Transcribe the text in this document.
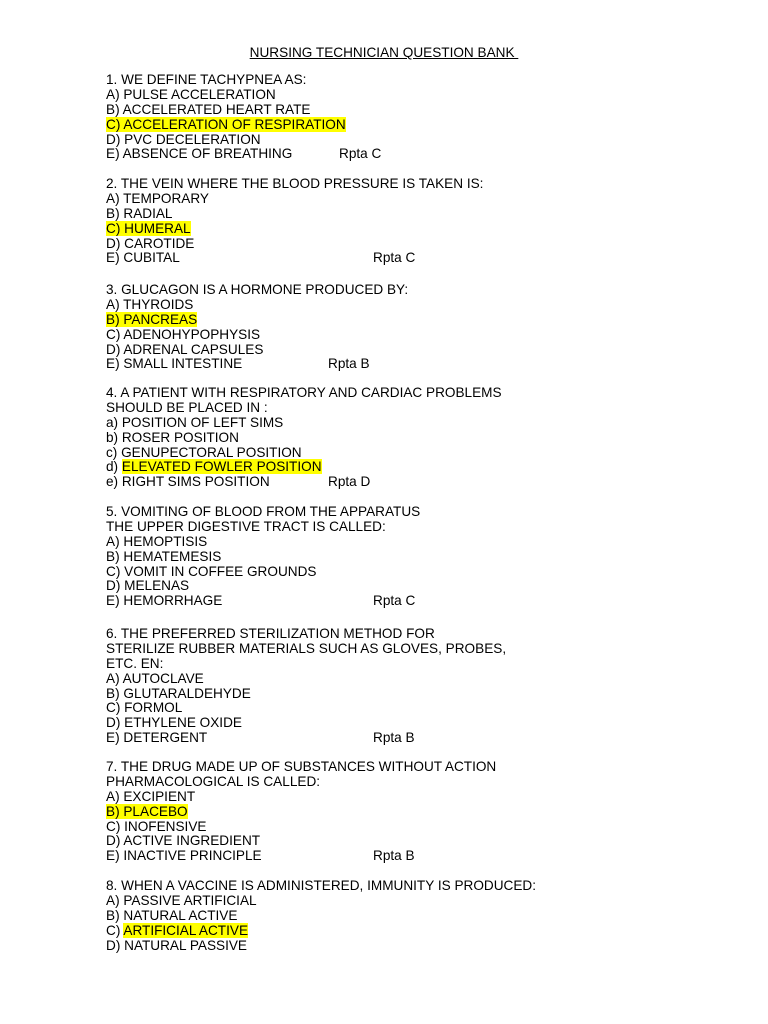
NURSING TECHNICIAN QUESTION BANK
1. WE DEFINE TACHYPNEA AS:
A) PULSE ACCELERATION
B) ACCELERATED HEART RATE
C) ACCELERATION OF RESPIRATION
D) PVC DECELERATION
E) ABSENCE OF BREATHING	Rpta C
2. THE VEIN WHERE THE BLOOD PRESSURE IS TAKEN IS:
A) TEMPORARY
B) RADIAL
C) HUMERAL
D) CAROTIDE
E) CUBITAL	Rpta C
3. GLUCAGON IS A HORMONE PRODUCED BY:
A) THYROIDS
B) PANCREAS
C) ADENOHYPOPHYSIS
D) ADRENAL CAPSULES
E) SMALL INTESTINE	Rpta B
4. A PATIENT WITH RESPIRATORY AND CARDIAC PROBLEMS
SHOULD BE PLACED IN :
a) POSITION OF LEFT SIMS
b) ROSER POSITION
c) GENUPECTORAL POSITION
d) ELEVATED FOWLER POSITION
e) RIGHT SIMS POSITION	Rpta D
5. VOMITING OF BLOOD FROM THE APPARATUS
THE UPPER DIGESTIVE TRACT IS CALLED:
A) HEMOPTISIS
B) HEMATEMESIS
C) VOMIT IN COFFEE GROUNDS
D) MELENAS
E) HEMORRHAGE	Rpta C
6. THE PREFERRED STERILIZATION METHOD FOR
STERILIZE RUBBER MATERIALS SUCH AS GLOVES, PROBES,
ETC. EN:
A) AUTOCLAVE
B) GLUTARALDEHYDE
C) FORMOL
D) ETHYLENE OXIDE
E) DETERGENT	Rpta B
7. THE DRUG MADE UP OF SUBSTANCES WITHOUT ACTION
PHARMACOLOGICAL IS CALLED:
A) EXCIPIENT
B) PLACEBO
C) INOFENSIVE
D) ACTIVE INGREDIENT
E) INACTIVE PRINCIPLE	Rpta B
8. WHEN A VACCINE IS ADMINISTERED, IMMUNITY IS PRODUCED:
A) PASSIVE ARTIFICIAL
B) NATURAL ACTIVE
C) ARTIFICIAL ACTIVE
D) NATURAL PASSIVE
